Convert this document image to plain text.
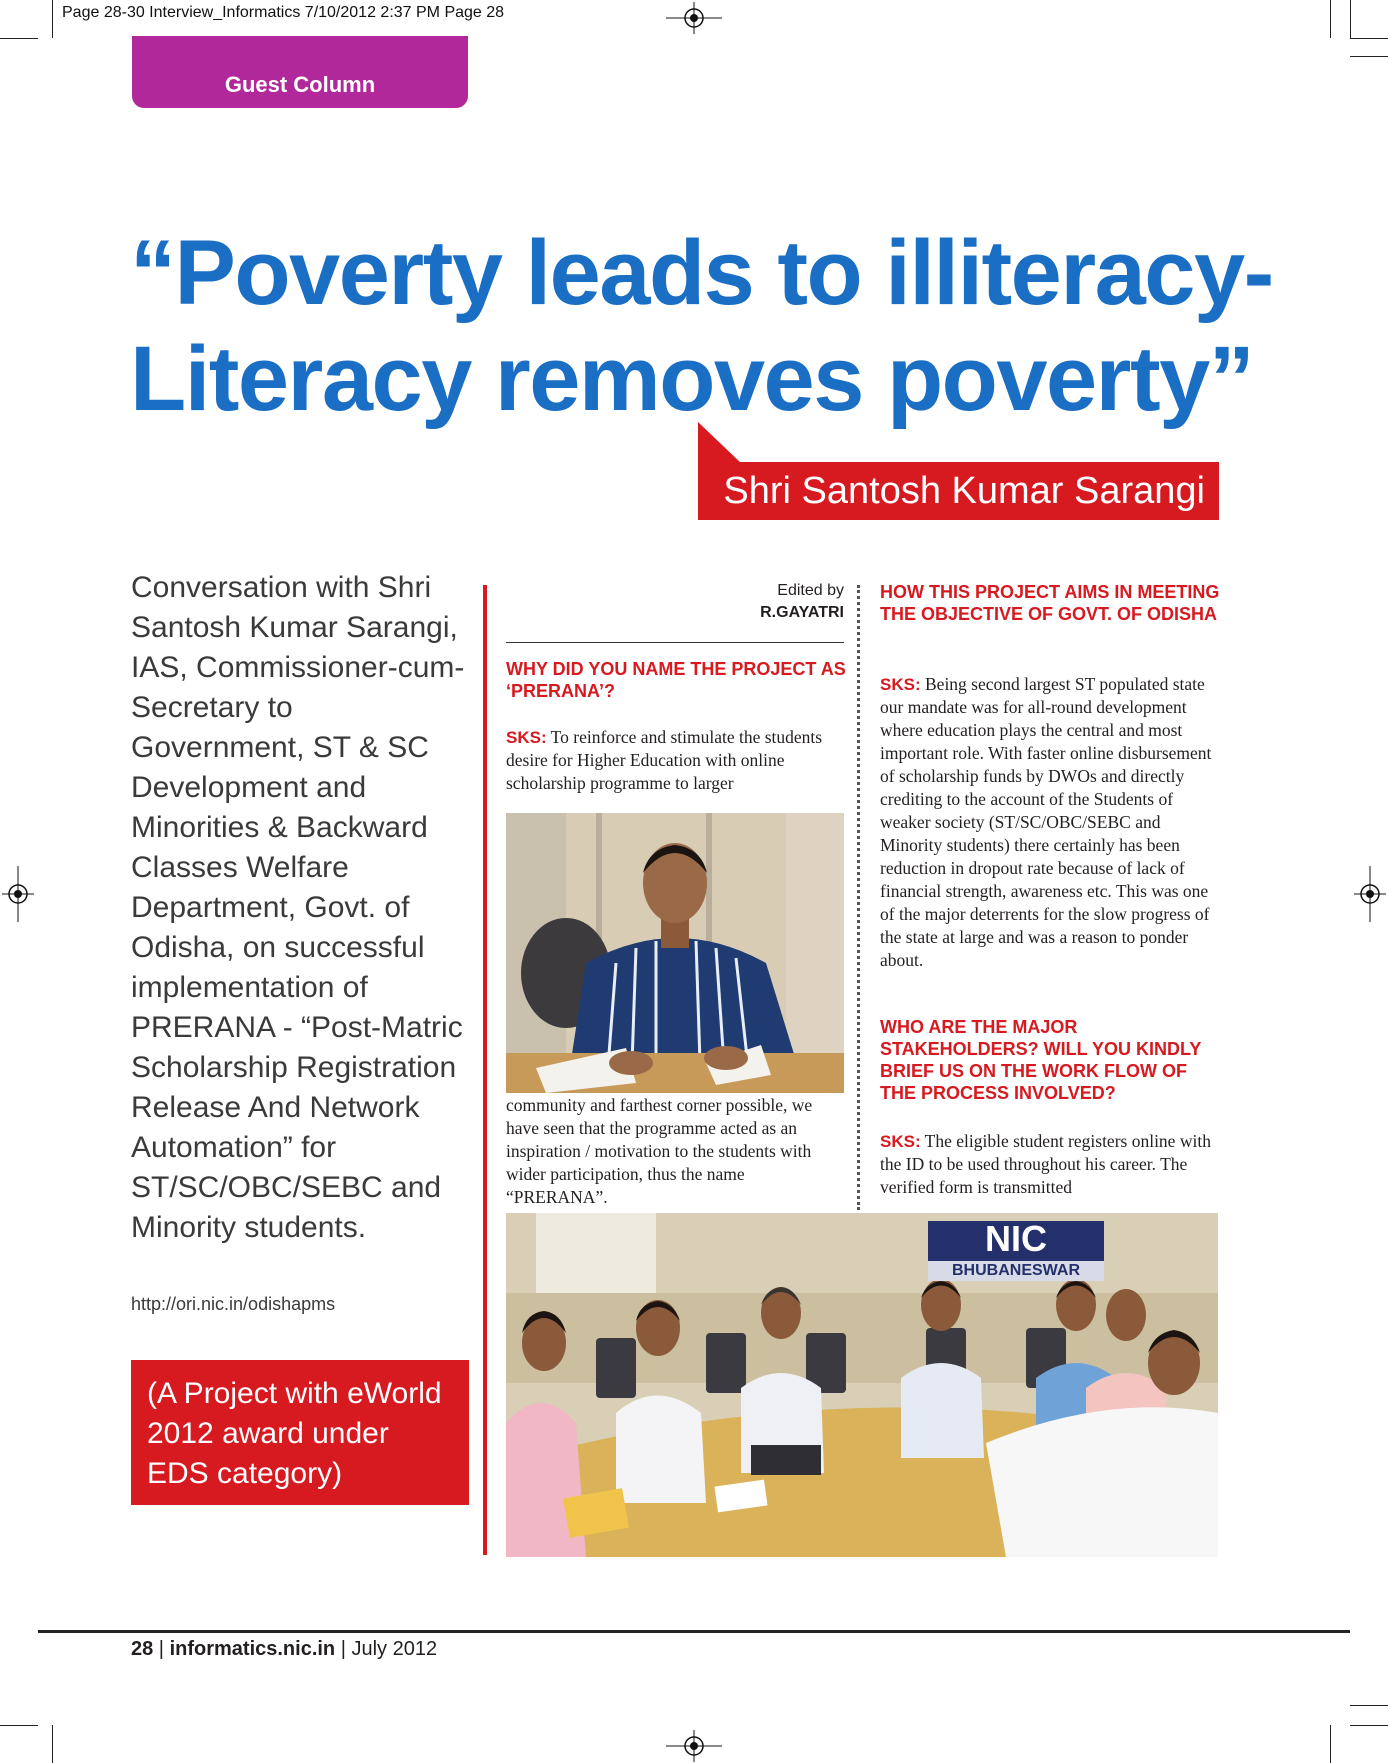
Page 28-30 Interview_Informatics 7/10/2012 2:37 PM Page 28
Guest Column
“Poverty leads to illiteracy-
Literacy removes poverty”
Shri Santosh Kumar Sarangi

Conversation with Shri Santosh Kumar Sarangi, IAS, Commissioner-cum-Secretary to Government, ST & SC Development and Minorities & Backward Classes Welfare Department, Govt. of Odisha, on successful implementation of PRERANA - “Post-Matric Scholarship Registration Release And Network Automation” for ST/SC/OBC/SEBC and Minority students.

http://ori.nic.in/odishapms
(A Project with eWorld 2012 award under EDS category)
Edited by
R.GAYATRI

WHY DID YOU NAME THE PROJECT AS ‘PRERANA’?

SKS: To reinforce and stimulate the students desire for Higher Education with online scholarship programme to larger

community and farthest corner possible, we have seen that the programme acted as an inspiration / motivation to the students with wider participation, thus the name “PRERANA”.

HOW THIS PROJECT AIMS IN MEETING THE OBJECTIVE OF GOVT. OF ODISHA

SKS: Being second largest ST populated state our mandate was for all-round development where education plays the central and most important role. With faster online disbursement of scholarship funds by DWOs and directly crediting to the account of the Students of weaker society (ST/SC/OBC/SEBC and Minority students) there certainly has been reduction in dropout rate because of lack of financial strength, awareness etc. This was one of the major deterrents for the slow progress of the state at large and was a reason to ponder about.

WHO ARE THE MAJOR STAKEHOLDERS? WILL YOU KINDLY BRIEF US ON THE WORK FLOW OF THE PROCESS INVOLVED?

SKS: The eligible student registers online with the ID to be used throughout his career. The verified form is transmitted

NIC
BHUBANESWAR
28 | informatics.nic.in | July 2012
